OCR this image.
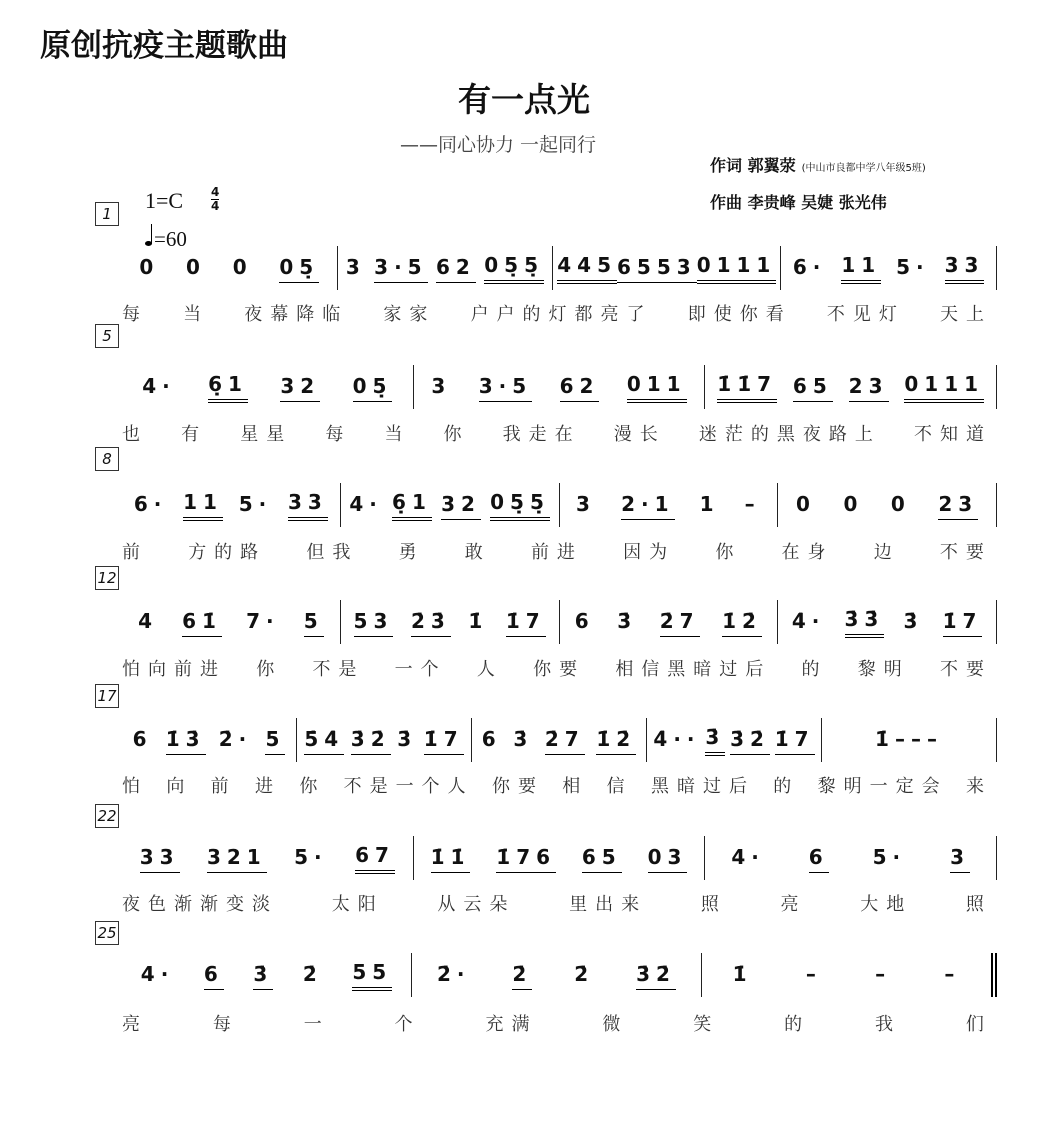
原创抗疫主题歌曲
有一点光
——同心协力 一起同行
作词 郭翼荥 (中山市良都中学八年级5班)
作曲 李贵峰 吴婕 张光伟
1=C 4
4
=60
1
0 0 0 05̣ 3 3·5 62 05̣5̣ 445 65 53 0111 6· 11 5· 33
每 当 夜幕降临 家家 户户的灯都亮了 即使你看 不见灯 天上
5
4· 6̣1 32 05̣ 3 3·5 62 011 1̇1̇7 65 23 0111
也 有 星星 每 当 你 我走在 漫长 迷茫的黑夜路上 不知道
8
6· 11 5· 33 4· 6̣1 32 05̣5̣ 3 2·1 1 – 0 0 0 23
前 方的路 但我 勇 敢 前进 因为 你 在身 边 不要
12
4 61̇ 7· 5 53 2̇3̇ 1̇ 1̇7 6 3̇ 2̇7 1̇2̇ 4̇· 3̇3̇ 3̇ 1̇7
怕向前进 你 不是 一个 人 你要 相信黑暗过后 的 黎明 不要
17
6 1̇3̇ 2̇· 5 5̇4̇ 3̇2̇ 3̇ 1̇7 6 3̇ 2̇7 1̇2̇ 4̇·· 3̇ 3̇2̇ 1̇7	1̇–––
怕 向 前 进 你 不是一个人 你要 相 信 黑暗过后 的 黎明一定会 来
22
33 321 5· 67 1̇1̇ 1̇76 65 03 4· 6 5· 3
夜色渐渐变淡	太阳	从云朵	里出来	照	亮	大地	照
25
4· 6 3̇ 2̇ 55 2̇· 2̇ 2̇ 3̇2̇	1̇	–	–	–
亮	每	一	个	充满	微	笑	的	我	们
